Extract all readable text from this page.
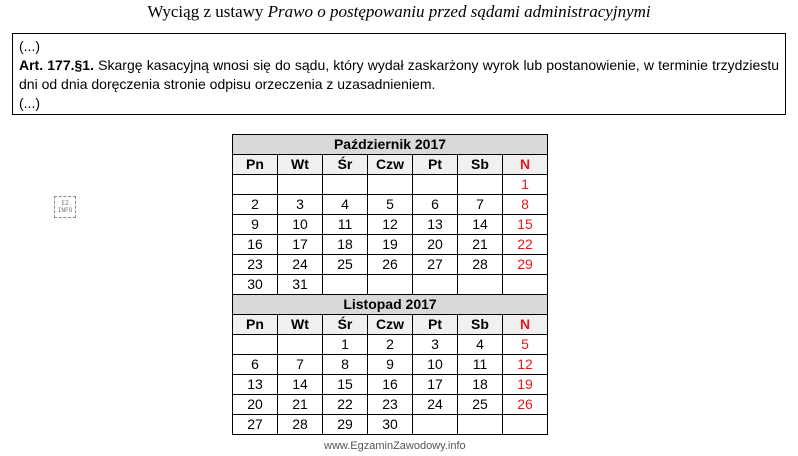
Wyciąg z ustawy Prawo o postępowaniu przed sądami administracyjnymi

(...)

Art. 177.§1. Skargę kasacyjną wnosi się do sądu, który wydał zaskarżony wyrok lub postanowienie, w terminie trzydziestu dni od dnia doręczenia stronie odpisu orzeczenia z uzasadnieniem.

(...)

EZ INFO
Październik 2017						
Pn	Wt	Śr	Czw	Pt	Sb	N
						1
2	3	4	5	6	7	8
9	10	11	12	13	14	15
16	17	18	19	20	21	22
23	24	25	26	27	28	29
30	31					
Listopad 2017						
Pn	Wt	Śr	Czw	Pt	Sb	N
		1	2	3	4	5
6	7	8	9	10	11	12
13	14	15	16	17	18	19
20	21	22	23	24	25	26
27	28	29	30			
www.EgzaminZawodowy.info
